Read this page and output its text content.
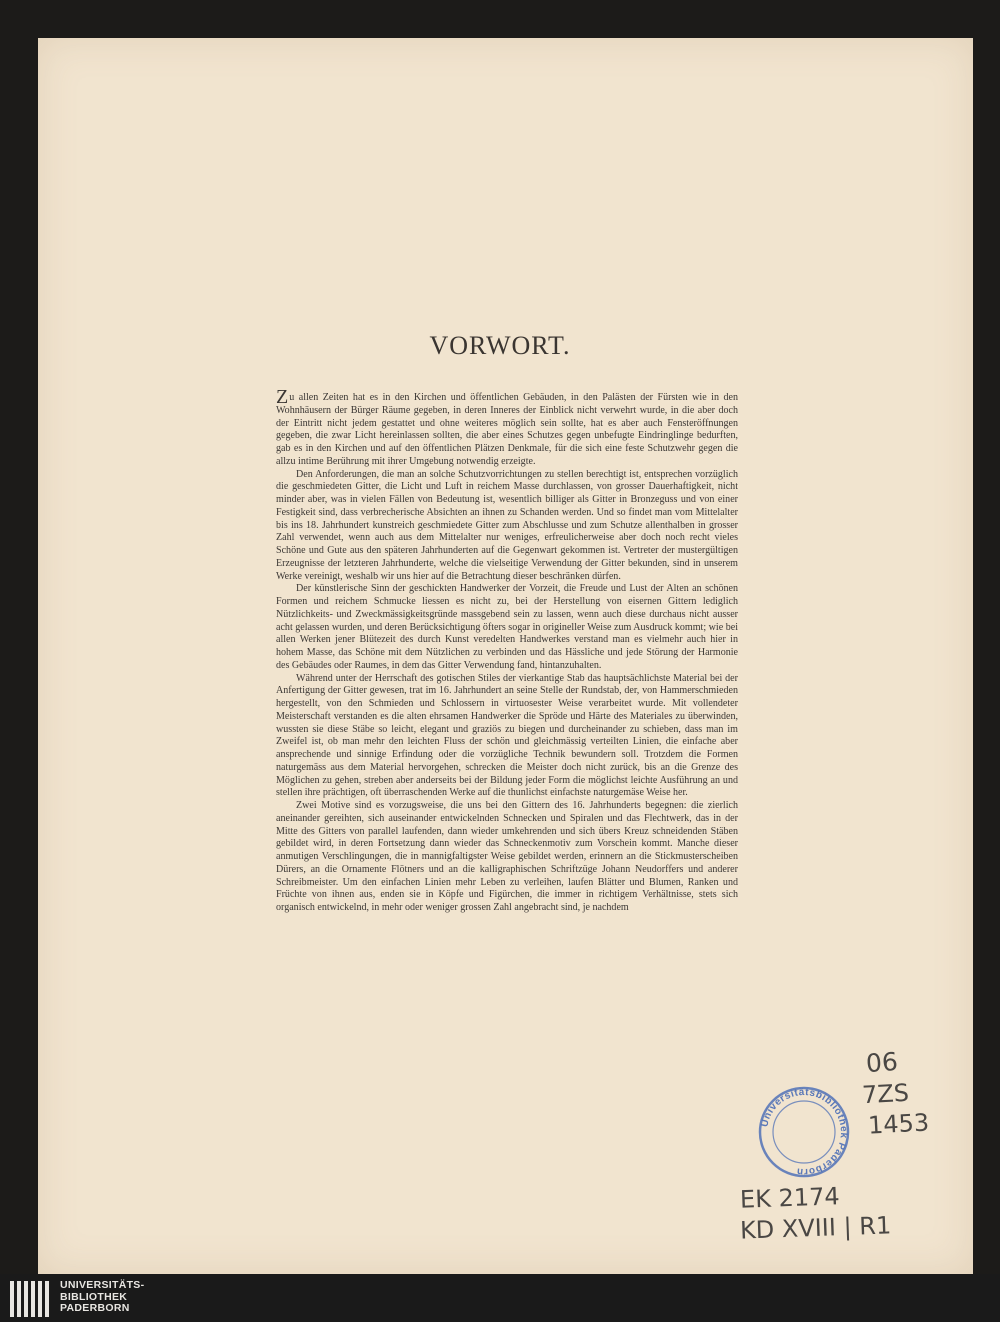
VORWORT.

Zu allen Zeiten hat es in den Kirchen und öffentlichen Gebäuden, in den Palästen der Fürsten wie in den Wohnhäusern der Bürger Räume gegeben, in deren Inneres der Einblick nicht verwehrt wurde, in die aber doch der Eintritt nicht jedem gestattet und ohne weiteres möglich sein sollte, hat es aber auch Fensteröffnungen gegeben, die zwar Licht hereinlassen sollten, die aber eines Schutzes gegen unbefugte Eindringlinge bedurften, gab es in den Kirchen und auf den öffentlichen Plätzen Denkmale, für die sich eine feste Schutzwehr gegen die allzu intime Berührung mit ihrer Umgebung notwendig erzeigte.

Den Anforderungen, die man an solche Schutzvorrichtungen zu stellen berechtigt ist, entsprechen vorzüglich die geschmiedeten Gitter, die Licht und Luft in reichem Masse durchlassen, von grosser Dauerhaftigkeit, nicht minder aber, was in vielen Fällen von Bedeutung ist, wesentlich billiger als Gitter in Bronzeguss und von einer Festigkeit sind, dass verbrecherische Absichten an ihnen zu Schanden werden. Und so findet man vom Mittelalter bis ins 18. Jahrhundert kunstreich geschmiedete Gitter zum Abschlusse und zum Schutze allenthalben in grosser Zahl verwendet, wenn auch aus dem Mittelalter nur weniges, erfreulicherweise aber doch noch recht vieles Schöne und Gute aus den späteren Jahrhunderten auf die Gegenwart gekommen ist. Vertreter der mustergültigen Erzeugnisse der letzteren Jahrhunderte, welche die vielseitige Verwendung der Gitter bekunden, sind in unserem Werke vereinigt, weshalb wir uns hier auf die Betrachtung dieser beschränken dürfen.

Der künstlerische Sinn der geschickten Handwerker der Vorzeit, die Freude und Lust der Alten an schönen Formen und reichem Schmucke liessen es nicht zu, bei der Herstellung von eisernen Gittern lediglich Nützlichkeits- und Zweckmässigkeitsgründe massgebend sein zu lassen, wenn auch diese durchaus nicht ausser acht gelassen wurden, und deren Berücksichtigung öfters sogar in origineller Weise zum Ausdruck kommt; wie bei allen Werken jener Blütezeit des durch Kunst veredelten Handwerkes verstand man es vielmehr auch hier in hohem Masse, das Schöne mit dem Nützlichen zu verbinden und das Hässliche und jede Störung der Harmonie des Gebäudes oder Raumes, in dem das Gitter Verwendung fand, hintanzuhalten.

Während unter der Herrschaft des gotischen Stiles der vierkantige Stab das hauptsächlichste Material bei der Anfertigung der Gitter gewesen, trat im 16. Jahrhundert an seine Stelle der Rundstab, der, von Hammerschmieden hergestellt, von den Schmieden und Schlossern in virtuosester Weise verarbeitet wurde. Mit vollendeter Meisterschaft verstanden es die alten ehrsamen Handwerker die Spröde und Härte des Materiales zu überwinden, wussten sie diese Stäbe so leicht, elegant und graziös zu biegen und durcheinander zu schieben, dass man im Zweifel ist, ob man mehr den leichten Fluss der schön und gleichmässig verteilten Linien, die einfache aber ansprechende und sinnige Erfindung oder die vorzügliche Technik bewundern soll. Trotzdem die Formen naturgemäss aus dem Material hervorgehen, schrecken die Meister doch nicht zurück, bis an die Grenze des Möglichen zu gehen, streben aber anderseits bei der Bildung jeder Form die möglichst leichte Ausführung an und stellen ihre prächtigen, oft überraschenden Werke auf die thunlichst einfachste naturgemäse Weise her.

Zwei Motive sind es vorzugsweise, die uns bei den Gittern des 16. Jahrhunderts begegnen: die zierlich aneinander gereihten, sich auseinander entwickelnden Schnecken und Spiralen und das Flechtwerk, das in der Mitte des Gitters von parallel laufenden, dann wieder umkehrenden und sich übers Kreuz schneidenden Stäben gebildet wird, in deren Fortsetzung dann wieder das Schneckenmotiv zum Vorschein kommt. Manche dieser anmutigen Verschlingungen, die in mannigfaltigster Weise gebildet werden, erinnern an die Stickmusterscheiben Dürers, an die Ornamente Flötners und an die kalligraphischen Schriftzüge Johann Neudorffers und anderer Schreibmeister. Um den einfachen Linien mehr Leben zu verleihen, laufen Blätter und Blumen, Ranken und Früchte von ihnen aus, enden sie in Köpfe und Figürchen, die immer in richtigem Verhältnisse, stets sich organisch entwickelnd, in mehr oder weniger grossen Zahl angebracht sind, je nachdem

06
7ZS
1453
EK 2174
KD XVIII | R1
Universitätsbibliothek Paderborn
UNIVERSITÄTS-
BIBLIOTHEK
PADERBORN
